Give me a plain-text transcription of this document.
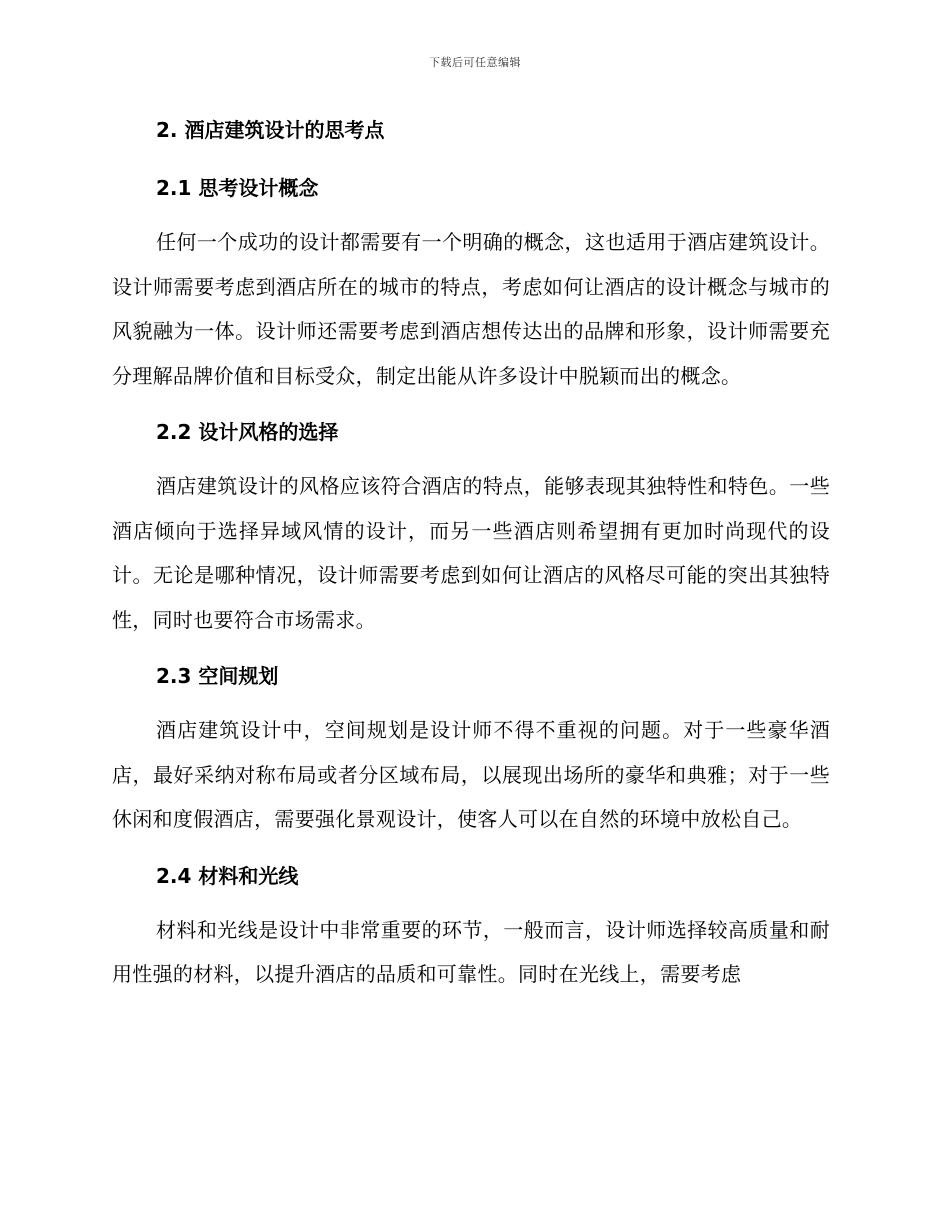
下载后可任意编辑
2. 酒店建筑设计的思考点
2.1 思考设计概念
任何一个成功的设计都需要有一个明确的概念，这也适用于酒店建筑设计。设计师需要考虑到酒店所在的城市的特点，考虑如何让酒店的设计概念与城市的风貌融为一体。设计师还需要考虑到酒店想传达出的品牌和形象，设计师需要充分理解品牌价值和目标受众，制定出能从许多设计中脱颖而出的概念。
2.2 设计风格的选择
酒店建筑设计的风格应该符合酒店的特点，能够表现其独特性和特色。一些酒店倾向于选择异域风情的设计，而另一些酒店则希望拥有更加时尚现代的设计。无论是哪种情况，设计师需要考虑到如何让酒店的风格尽可能的突出其独特性，同时也要符合市场需求。
2.3 空间规划
酒店建筑设计中，空间规划是设计师不得不重视的问题。对于一些豪华酒店，最好采纳对称布局或者分区域布局，以展现出场所的豪华和典雅；对于一些休闲和度假酒店，需要强化景观设计，使客人可以在自然的环境中放松自己。
2.4 材料和光线
材料和光线是设计中非常重要的环节，一般而言，设计师选择较高质量和耐用性强的材料，以提升酒店的品质和可靠性。同时在光线上，需要考虑
